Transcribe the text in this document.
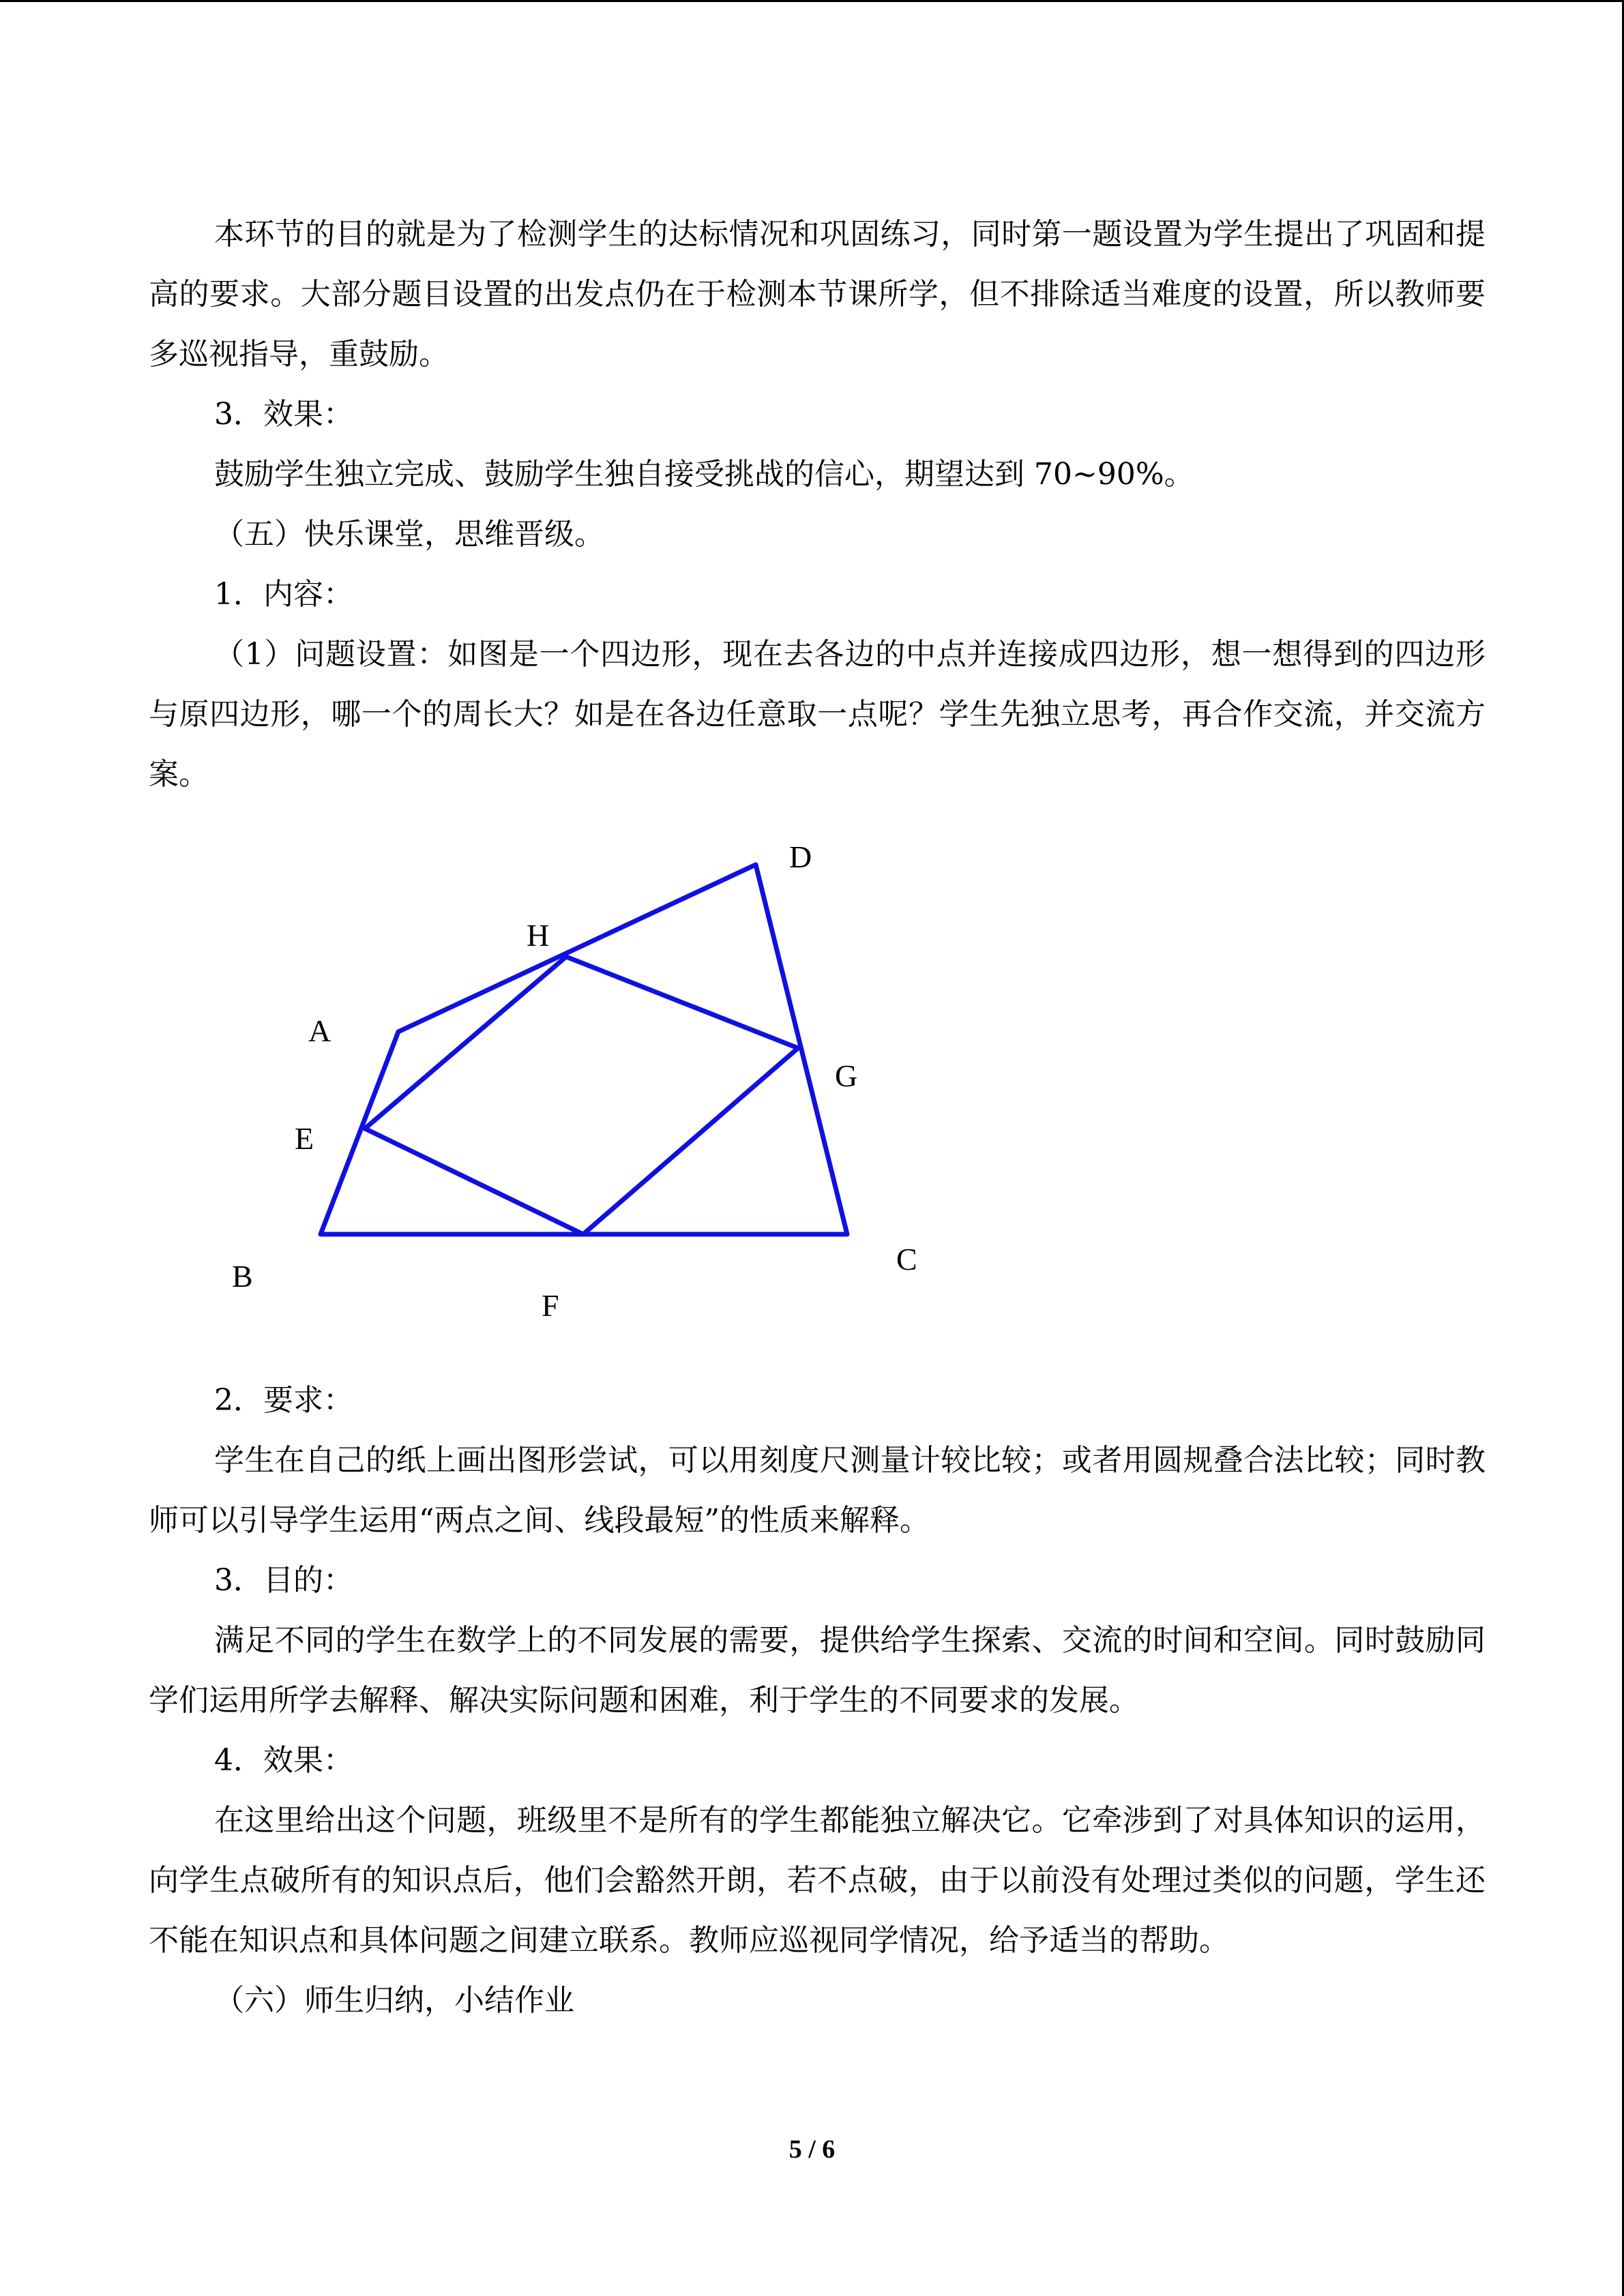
本环节的目的就是为了检测学生的达标情况和巩固练习，同时第一题设置为学生提出了巩固和提高的要求。大部分题目设置的出发点仍在于检测本节课所学，但不排除适当难度的设置，所以教师要多巡视指导，重鼓励。

3．效果：

鼓励学生独立完成、鼓励学生独自接受挑战的信心，期望达到 70~90%。

（五）快乐课堂，思维晋级。

1．内容：

（1）问题设置：如图是一个四边形，现在去各边的中点并连接成四边形，想一想得到的四边形与原四边形，哪一个的周长大？如是在各边任意取一点呢？学生先独立思考，再合作交流，并交流方案。

D
H
A
G
E
B	C
F

2．要求：

学生在自己的纸上画出图形尝试，可以用刻度尺测量计较比较；或者用圆规叠合法比较；同时教师可以引导学生运用“两点之间、线段最短”的性质来解释。

3．目的：

满足不同的学生在数学上的不同发展的需要，提供给学生探索、交流的时间和空间。同时鼓励同学们运用所学去解释、解决实际问题和困难，利于学生的不同要求的发展。

4．效果：

在这里给出这个问题，班级里不是所有的学生都能独立解决它。它牵涉到了对具体知识的运用，向学生点破所有的知识点后，他们会豁然开朗，若不点破，由于以前没有处理过类似的问题，学生还不能在知识点和具体问题之间建立联系。教师应巡视同学情况，给予适当的帮助。

（六）师生归纳，小结作业

5 / 6
